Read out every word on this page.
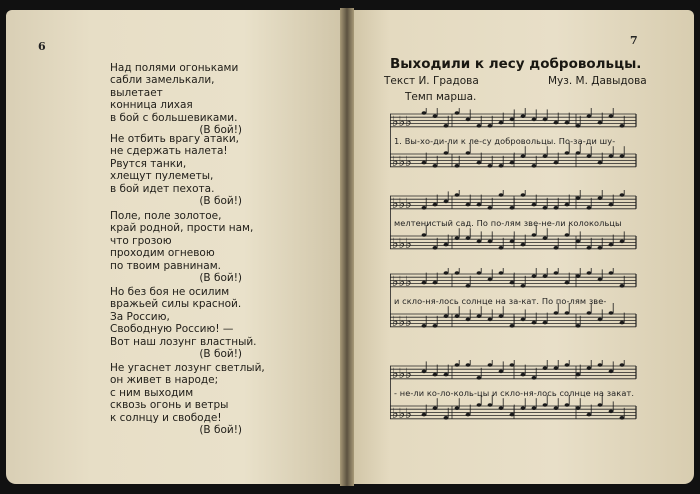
6	7
Над полями огоньками
сабли замелькали,
вылетает
конница лихая
в бой с большевиками.
(В бой!)
Не отбить врагу атаки,
не сдержать налета!
Рвутся танки,
хлещут пулеметы,
в бой идет пехота.
(В бой!)
Поле, поле золотое,
край родной, прости нам,
что грозою
проходим огневою
по твоим равнинам.
(В бой!)
Но без боя не осилим
вражьей силы красной.
За Россию,
Свободную Россию! —
Вот наш лозунг властный.
(В бой!)
Не угаснет лозунг светлый,
он живет в народе;
с ним выходим
сквозь огонь и ветры
к солнцу и свободе!
(В бой!)
Выходили к лесу добровольцы.
Текст И. Градова	Муз. М. Давыдова
Темп марша.
♭♭♭
♭♭♭
1. Вы-хо-ди-ли к ле-су добровольцы. По-за-ди шу-
♭♭♭
♭♭♭
мелтенистый сад. По по-лям зве-не-ли колокольцы
♭♭♭
♭♭♭
и скло-ня-лось солнце на за-кат. По по-лям зве-
♭♭♭
♭♭♭
- не-ли ко-ло-коль-цы и скло-ня-лось солнце на закат.
